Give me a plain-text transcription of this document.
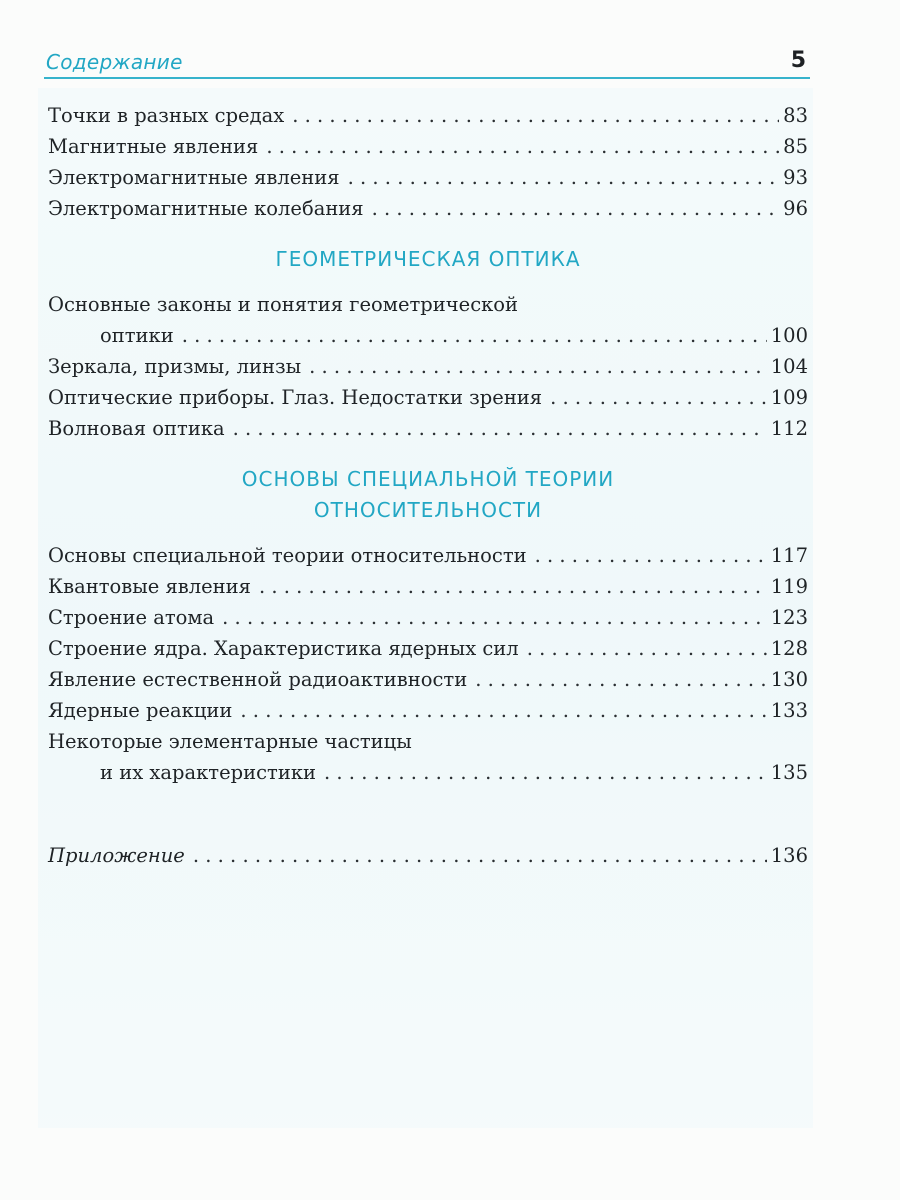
Содержание	5
Точки в разных средах . . .	83
Магнитные явления . . .	85
Электромагнитные явления . . .	93
Электромагнитные колебания . . .	96
ГЕОМЕТРИЧЕСКАЯ ОПТИКА
Основные законы и понятия геометрической
оптики . . .	100
Зеркала, призмы, линзы . . .	104
Оптические приборы. Глаз. Недостатки зрения . . .	109
Волновая оптика . . .	112
ОСНОВЫ СПЕЦИАЛЬНОЙ ТЕОРИИ
ОТНОСИТЕЛЬНОСТИ
Основы специальной теории относительности . . .	117
Квантовые явления . . .	119
Строение атома . . .	123
Строение ядра. Характеристика ядерных сил . . .	128
Явление естественной радиоактивности . . .	130
Ядерные реакции . . .	133
Некоторые элементарные частицы
и их характеристики . . .	135
Приложение . . .	136
